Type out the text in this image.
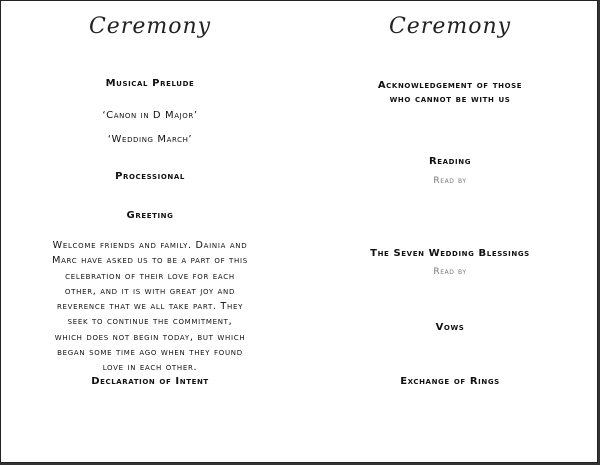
Ceremony
Musical Prelude
‘Canon in D Major’
‘Wedding March’
Processional
Greeting
Welcome friends and family. Dainia and
Marc have asked us to be a part of this
celebration of their love for each
other, and it is with great joy and
reverence that we all take part. They
seek to continue the commitment,
which does not begin today, but which
began some time ago when they found
love in each other.
Declaration of Intent
Ceremony
Acknowledgement of those
who cannot be with us
Reading
Read by
The Seven Wedding Blessings
Read by
Vows
Exchange of Rings
